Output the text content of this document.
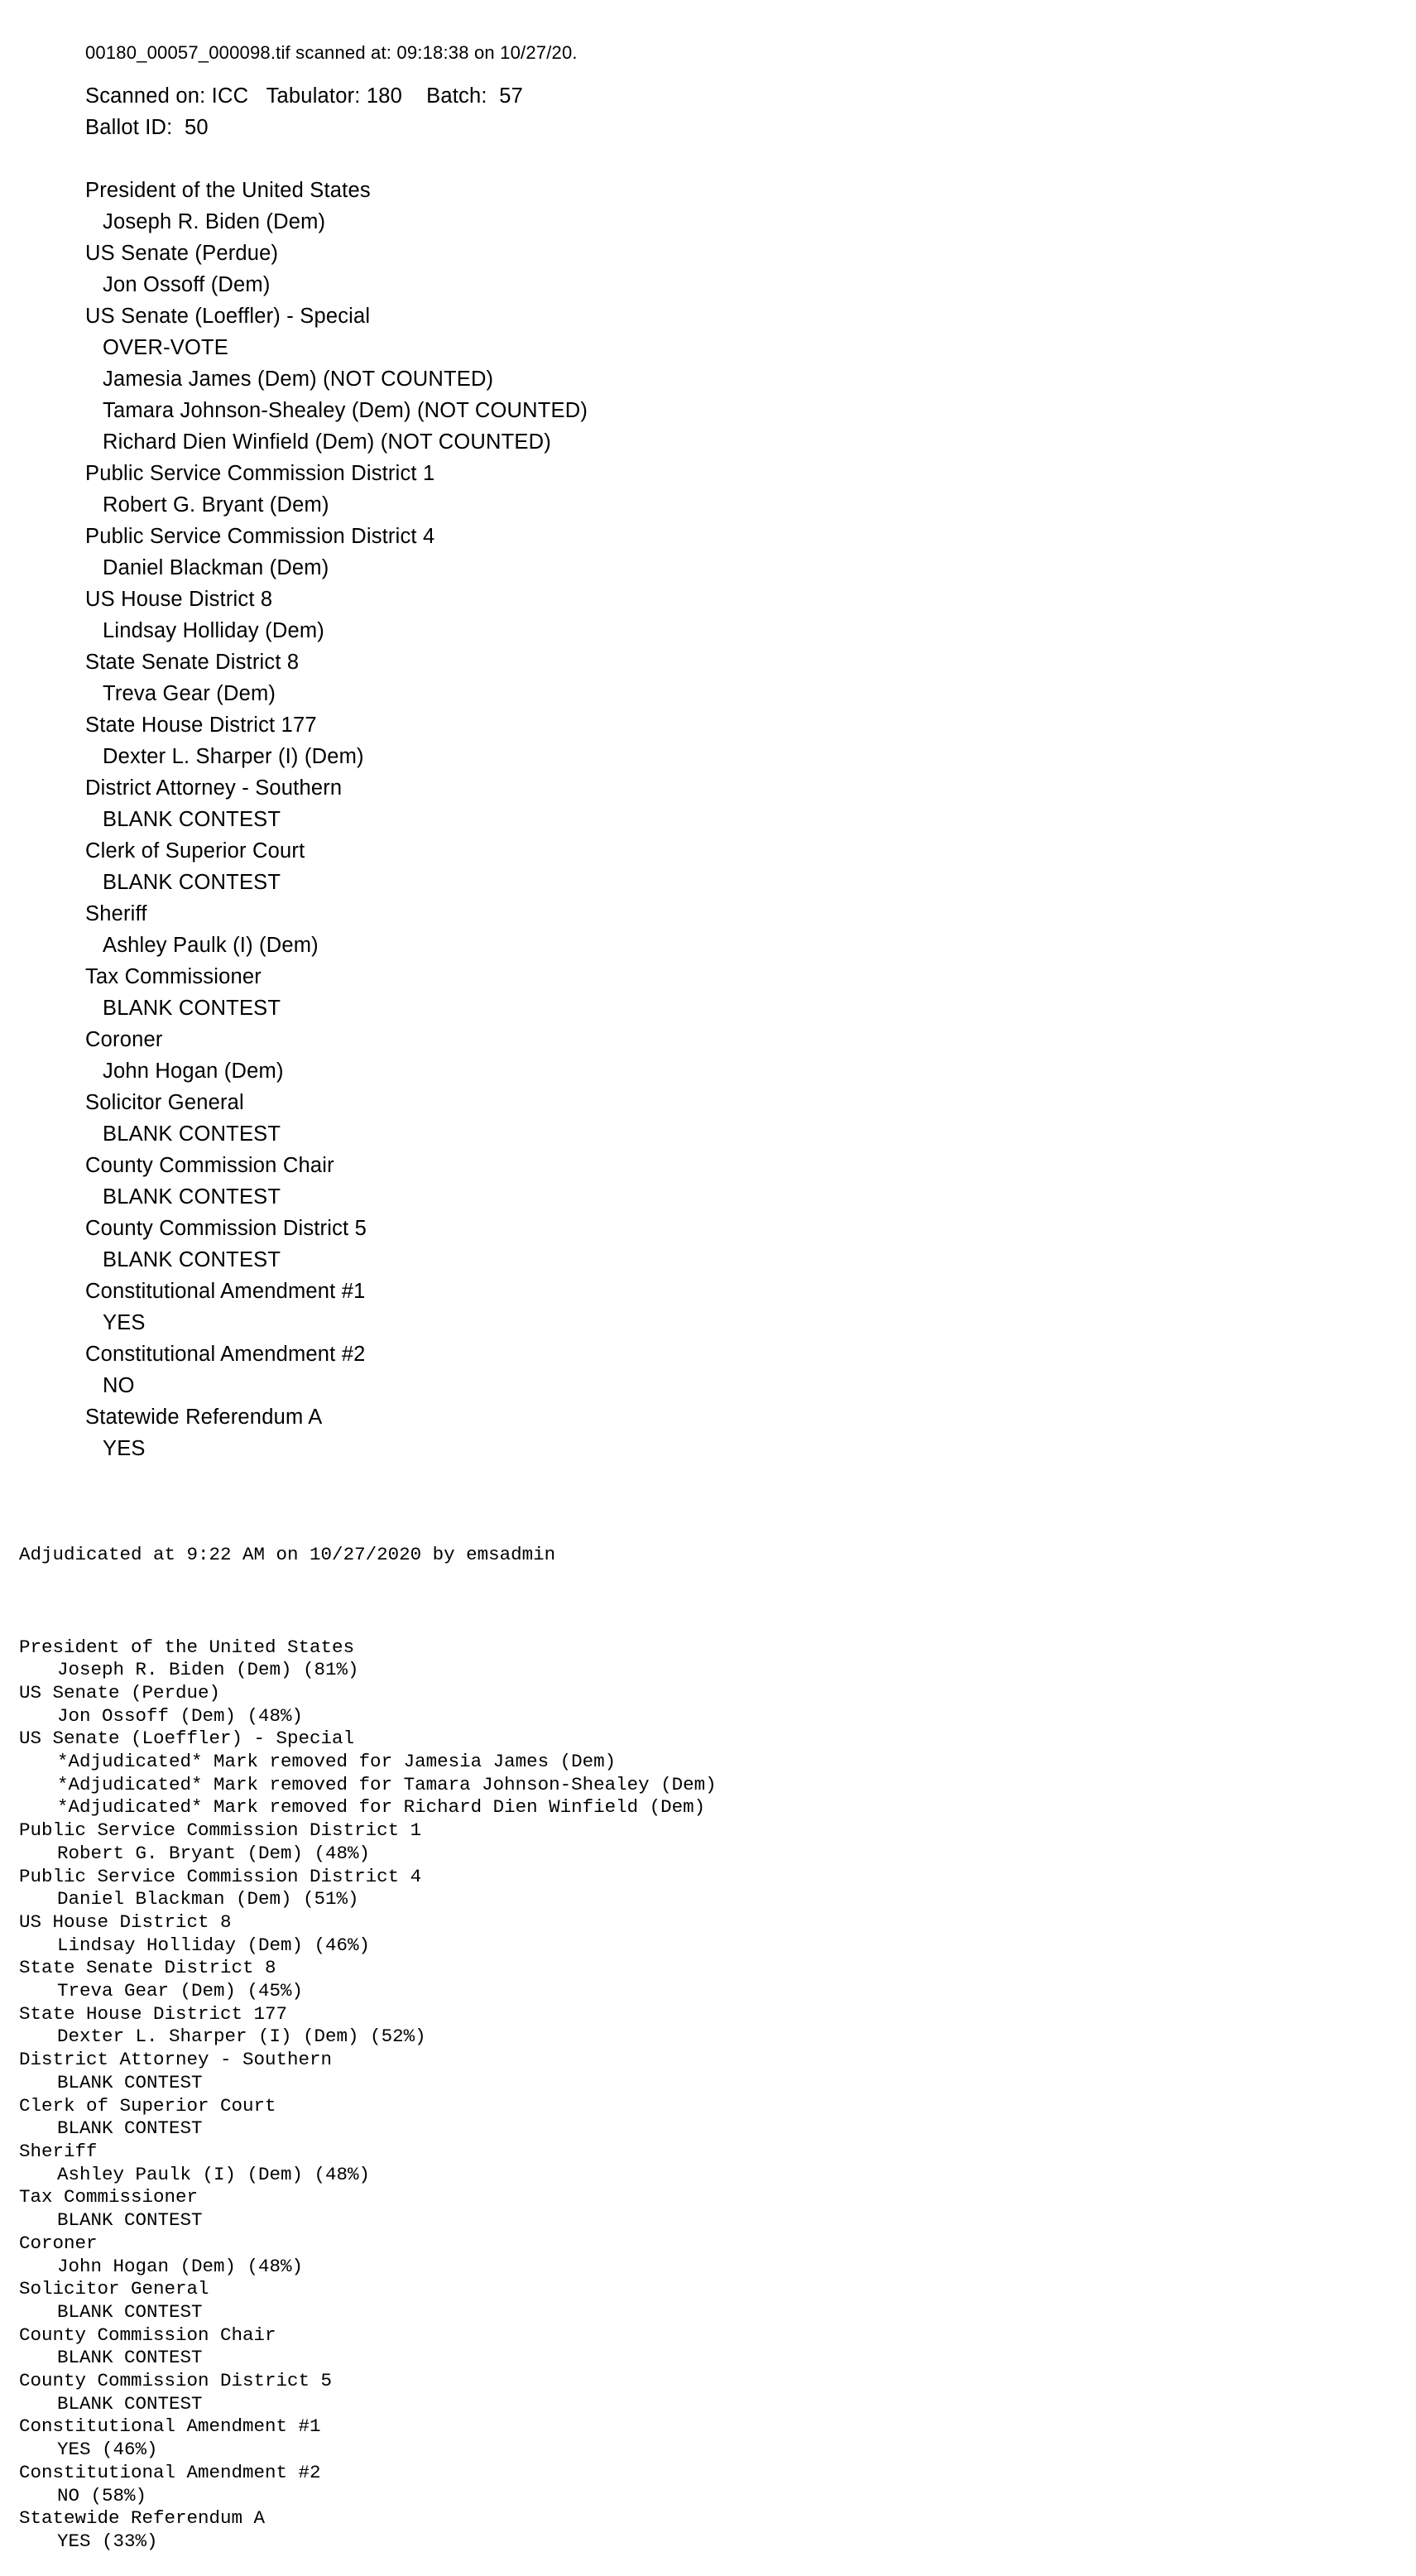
00180_00057_000098.tif scanned at: 09:18:38 on 10/27/20.
Scanned on: ICC   Tabulator: 180    Batch:  57
Ballot ID:  50
President of the United States
Joseph R. Biden (Dem)
US Senate (Perdue)
Jon Ossoff (Dem)
US Senate (Loeffler) - Special
OVER-VOTE
Jamesia James (Dem) (NOT COUNTED)
Tamara Johnson-Shealey (Dem) (NOT COUNTED)
Richard Dien Winfield (Dem) (NOT COUNTED)
Public Service Commission District 1
Robert G. Bryant (Dem)
Public Service Commission District 4
Daniel Blackman (Dem)
US House District 8
Lindsay Holliday (Dem)
State Senate District 8
Treva Gear (Dem)
State House District 177
Dexter L. Sharper (I) (Dem)
District Attorney - Southern
BLANK CONTEST
Clerk of Superior Court
BLANK CONTEST
Sheriff
Ashley Paulk (I) (Dem)
Tax Commissioner
BLANK CONTEST
Coroner
John Hogan (Dem)
Solicitor General
BLANK CONTEST
County Commission Chair
BLANK CONTEST
County Commission District 5
BLANK CONTEST
Constitutional Amendment #1
YES
Constitutional Amendment #2
NO
Statewide Referendum A
YES

Adjudicated at 9:22 AM on 10/27/2020 by emsadmin

President of the United States
Joseph R. Biden (Dem) (81%)
US Senate (Perdue)
Jon Ossoff (Dem) (48%)
US Senate (Loeffler) - Special
*Adjudicated* Mark removed for Jamesia James (Dem)
*Adjudicated* Mark removed for Tamara Johnson-Shealey (Dem)
*Adjudicated* Mark removed for Richard Dien Winfield (Dem)
Public Service Commission District 1
Robert G. Bryant (Dem) (48%)
Public Service Commission District 4
Daniel Blackman (Dem) (51%)
US House District 8
Lindsay Holliday (Dem) (46%)
State Senate District 8
Treva Gear (Dem) (45%)
State House District 177
Dexter L. Sharper (I) (Dem) (52%)
District Attorney - Southern
BLANK CONTEST
Clerk of Superior Court
BLANK CONTEST
Sheriff
Ashley Paulk (I) (Dem) (48%)
Tax Commissioner
BLANK CONTEST
Coroner
John Hogan (Dem) (48%)
Solicitor General
BLANK CONTEST
County Commission Chair
BLANK CONTEST
County Commission District 5
BLANK CONTEST
Constitutional Amendment #1
YES (46%)
Constitutional Amendment #2
NO (58%)
Statewide Referendum A
YES (33%)
